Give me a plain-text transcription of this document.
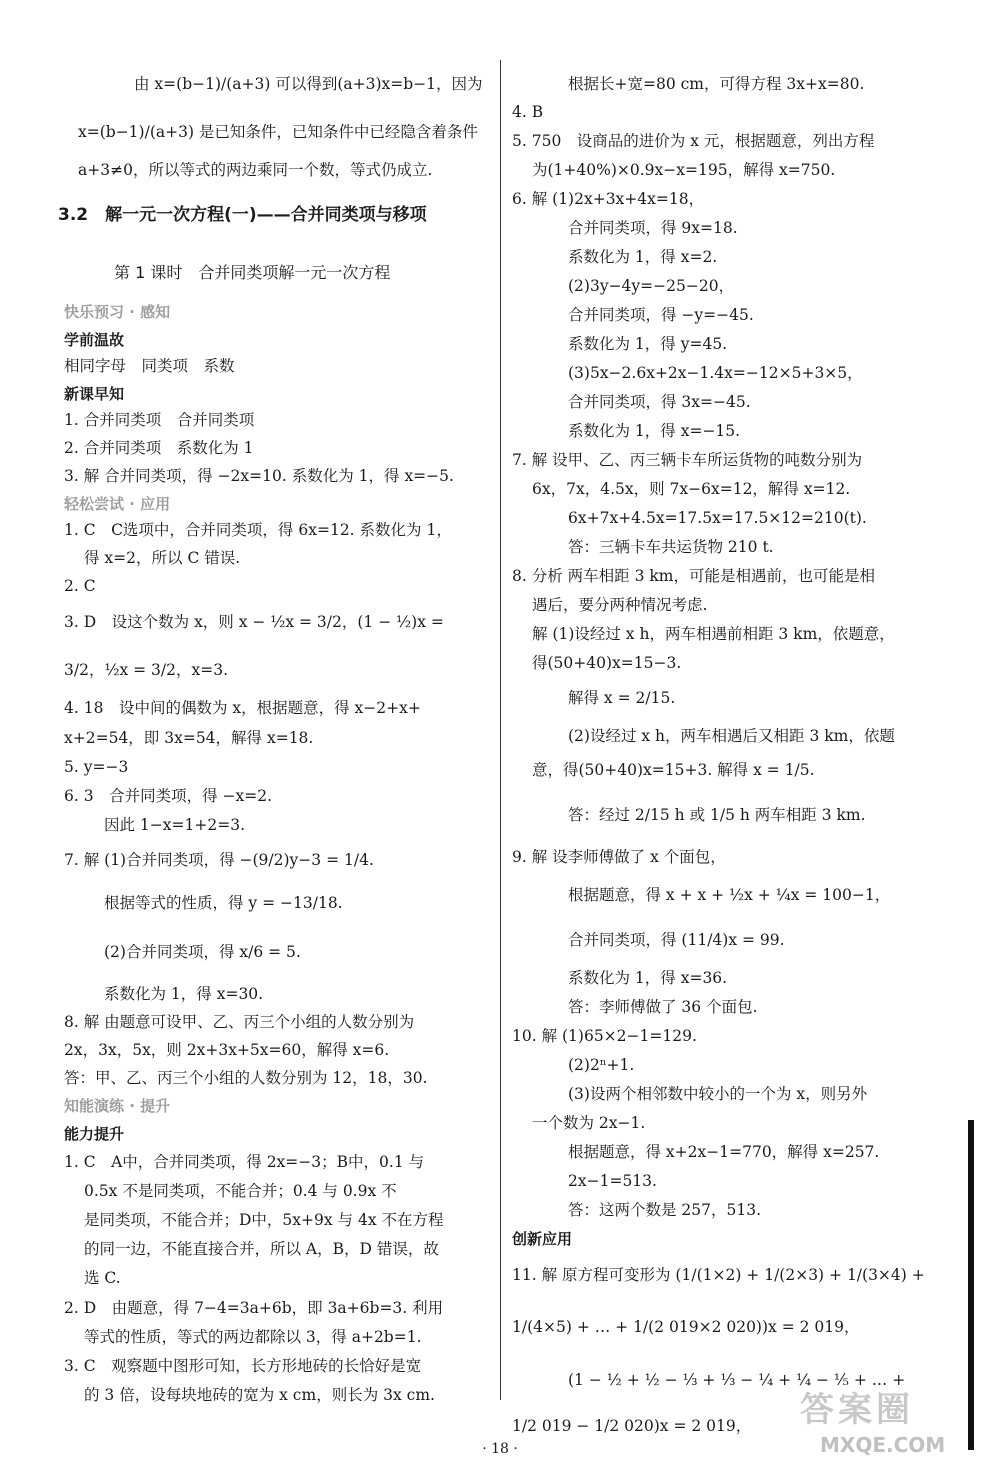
3.2　解一元一次方程(一)——合并同类项与移项
第 1 课时　合并同类项解一元一次方程
快乐预习 · 感知
学前温故
相同字母　同类项　系数
新课早知
1. 合并同类项　合并同类项
2. 合并同类项　系数化为 1
3. 解 合并同类项，得 −2x=10. 系数化为 1，得 x=−5.
轻松尝试 · 应用
知能演练 · 提升
能力提升
由 x=(b−1)/(a+3) 可以得到(a+3)x=b−1，因为
x=(b−1)/(a+3) 是已知条件，已知条件中已经隐含着条件
a+3≠0，所以等式的两边乘同一个数，等式仍成立.
1. C　C选项中，合并同类项，得 6x=12. 系数化为 1，
得 x=2，所以 C 错误.
2. C
3. D　设这个数为 x，则 x − ½x = 3/2，(1 − ½)x =
3/2，½x = 3/2，x=3.
4. 18　设中间的偶数为 x，根据题意，得 x−2+x+
x+2=54，即 3x=54，解得 x=18.
5. y=−3
6. 3　合并同类项，得 −x=2.
因此 1−x=1+2=3.
7. 解 (1)合并同类项，得 −(9/2)y−3 = 1/4.
根据等式的性质，得 y = −13/18.
(2)合并同类项，得 x/6 = 5.
系数化为 1，得 x=30.
8. 解 由题意可设甲、乙、丙三个小组的人数分别为
2x，3x，5x，则 2x+3x+5x=60，解得 x=6.
答：甲、乙、丙三个小组的人数分别为 12，18，30.
1. C　A中，合并同类项，得 2x=−3；B中，0.1 与
0.5x 不是同类项，不能合并；0.4 与 0.9x 不
是同类项，不能合并；D中，5x+9x 与 4x 不在方程
的同一边，不能直接合并，所以 A，B，D 错误，故
选 C.
2. D　由题意，得 7−4=3a+6b，即 3a+6b=3. 利用
等式的性质，等式的两边都除以 3，得 a+2b=1.
3. C　观察题中图形可知，长方形地砖的长恰好是宽
的 3 倍，设每块地砖的宽为 x cm，则长为 3x cm.
根据长+宽=80 cm，可得方程 3x+x=80.
4. B
5. 750　设商品的进价为 x 元，根据题意，列出方程
为(1+40%)×0.9x−x=195，解得 x=750.
6. 解 (1)2x+3x+4x=18，
合并同类项，得 9x=18.
系数化为 1，得 x=2.
(2)3y−4y=−25−20，
合并同类项，得 −y=−45.
系数化为 1，得 y=45.
(3)5x−2.6x+2x−1.4x=−12×5+3×5，
合并同类项，得 3x=−45.
系数化为 1，得 x=−15.
7. 解 设甲、乙、丙三辆卡车所运货物的吨数分别为
6x，7x，4.5x，则 7x−6x=12，解得 x=12.
6x+7x+4.5x=17.5x=17.5×12=210(t).
答：三辆卡车共运货物 210 t.
8. 分析 两车相距 3 km，可能是相遇前，也可能是相
遇后，要分两种情况考虑.
解 (1)设经过 x h，两车相遇前相距 3 km，依题意，
得(50+40)x=15−3.
解得 x = 2/15.
(2)设经过 x h，两车相遇后又相距 3 km，依题
意，得(50+40)x=15+3. 解得 x = 1/5.
答：经过 2/15 h 或 1/5 h 两车相距 3 km.
9. 解 设李师傅做了 x 个面包，
根据题意，得 x + x + ½x + ¼x = 100−1，
合并同类项，得 (11/4)x = 99.
系数化为 1，得 x=36.
答：李师傅做了 36 个面包.
10. 解 (1)65×2−1=129.
(2)2ⁿ+1.
(3)设两个相邻数中较小的一个为 x，则另外
一个数为 2x−1.
根据题意，得 x+2x−1=770，解得 x=257.
2x−1=513.
答：这两个数是 257，513.
创新应用
11. 解 原方程可变形为 (1/(1×2) + 1/(2×3) + 1/(3×4) +
1/(4×5) + … + 1/(2 019×2 020))x = 2 019，
(1 − ½ + ½ − ⅓ + ⅓ − ¼ + ¼ − ⅕ + … +
1/2 019 − 1/2 020)x = 2 019，
· 18 ·
答案圈
MXQE.COM
